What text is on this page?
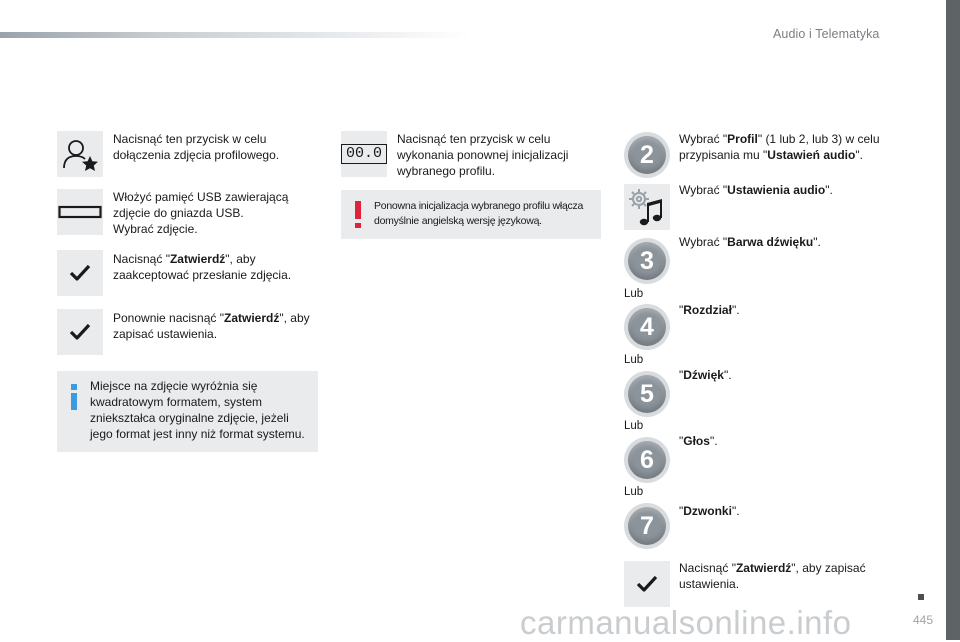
Audio i Telematyka
Nacisnąć ten przycisk w celu dołączenia zdjęcia profilowego.
Włożyć pamięć USB zawierającą
zdjęcie do gniazda USB.
Wybrać zdjęcie.
Nacisnąć "Zatwierdź", aby zaakceptować przesłanie zdjęcia.
Ponownie nacisnąć "Zatwierdź", aby zapisać ustawienia.
Miejsce na zdjęcie wyróżnia się kwadratowym formatem, system zniekształca oryginalne zdjęcie, jeżeli jego format jest inny niż format systemu.
00.0
Nacisnąć ten przycisk w celu wykonania ponownej inicjalizacji wybranego profilu.
Ponowna inicjalizacja wybranego profilu włącza domyślnie angielską wersję językową.
2
Wybrać "Profil" (1 lub 2, lub 3) w celu przypisania mu "Ustawień audio".
Wybrać "Ustawienia audio".
3
Wybrać "Barwa dźwięku".
Lub
4
"Rozdział".
Lub
5
"Dźwięk".
Lub
6
"Głos".
Lub
7
"Dzwonki".
Nacisnąć "Zatwierdź", aby zapisać ustawienia.
445
carmanualsonline.info
